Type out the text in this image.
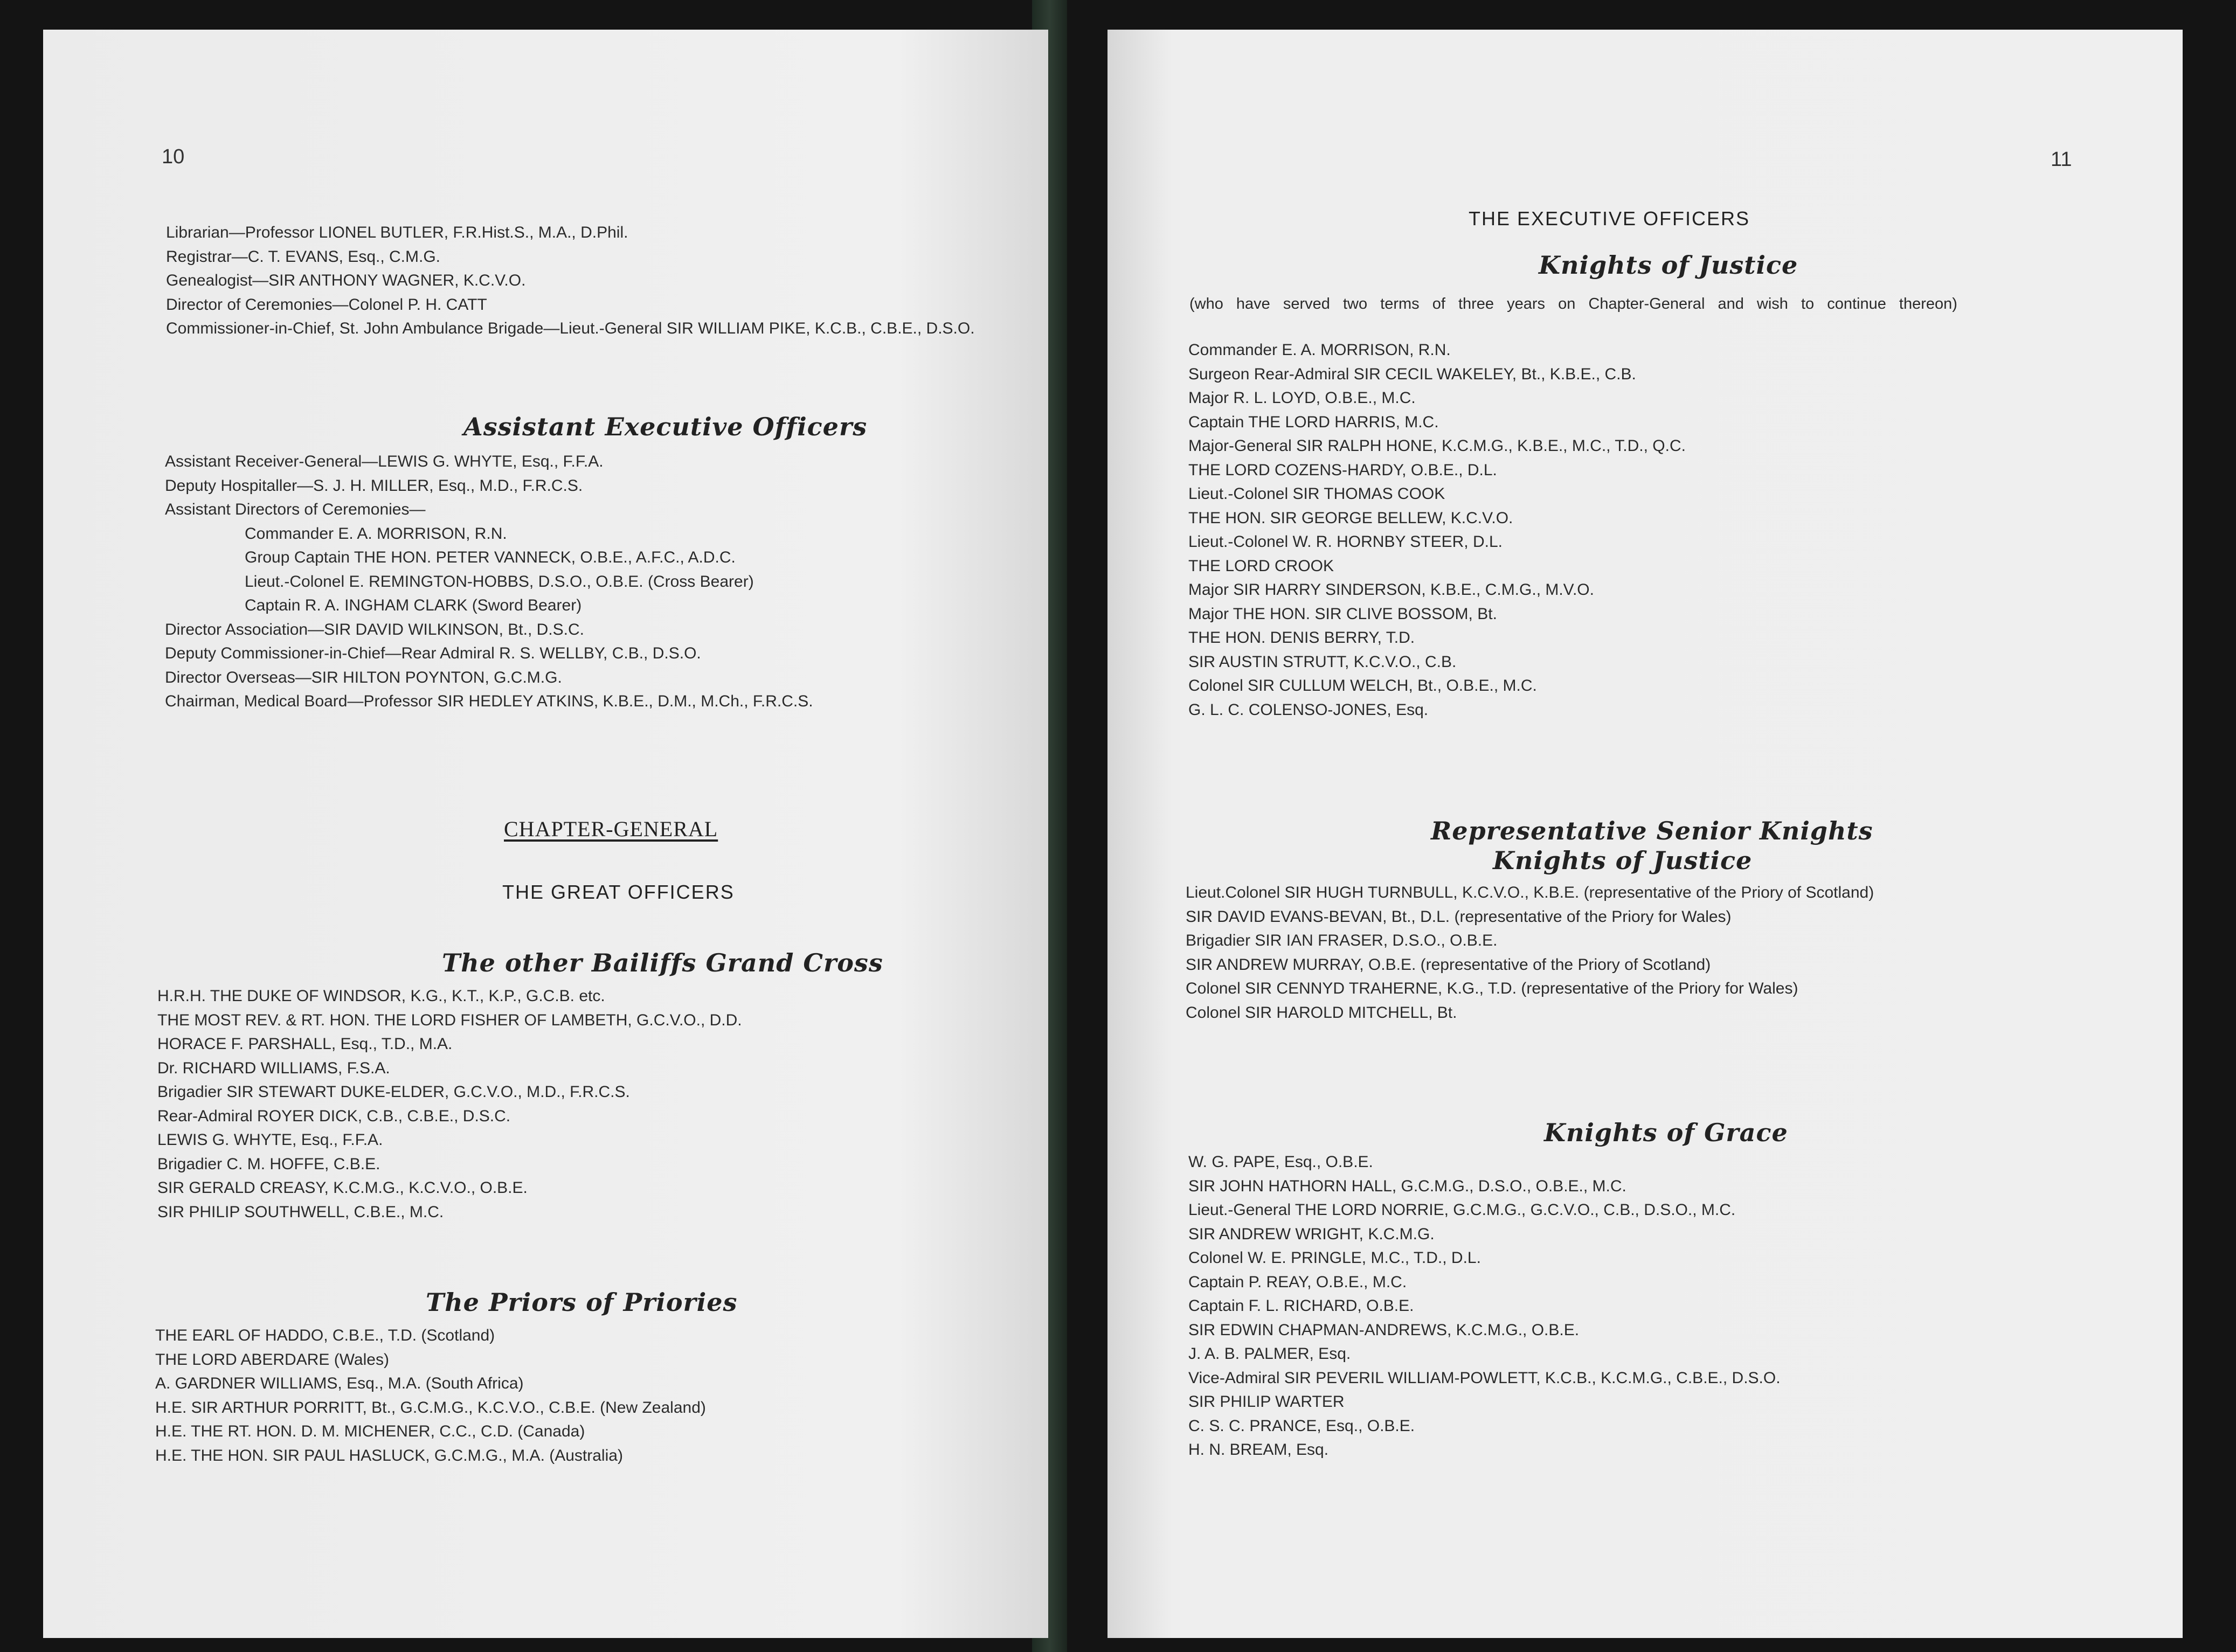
10
Librarian—Professor LIONEL BUTLER, F.R.Hist.S., M.A., D.Phil.
Registrar—C. T. EVANS, Esq., C.M.G.
Genealogist—SIR ANTHONY WAGNER, K.C.V.O.
Director of Ceremonies—Colonel P. H. CATT
Commissioner-in-Chief, St. John Ambulance Brigade—Lieut.-General SIR WILLIAM PIKE, K.C.B., C.B.E., D.S.O.
Assistant Executive Officers
Assistant Receiver-General—LEWIS G. WHYTE, Esq., F.F.A.
Deputy Hospitaller—S. J. H. MILLER, Esq., M.D., F.R.C.S.
Assistant Directors of Ceremonies—
Commander E. A. MORRISON, R.N.
Group Captain THE HON. PETER VANNECK, O.B.E., A.F.C., A.D.C.
Lieut.-Colonel E. REMINGTON-HOBBS, D.S.O., O.B.E. (Cross Bearer)
Captain R. A. INGHAM CLARK (Sword Bearer)
Director Association—SIR DAVID WILKINSON, Bt., D.S.C.
Deputy Commissioner-in-Chief—Rear Admiral R. S. WELLBY, C.B., D.S.O.
Director Overseas—SIR HILTON POYNTON, G.C.M.G.
Chairman, Medical Board—Professor SIR HEDLEY ATKINS, K.B.E., D.M., M.Ch., F.R.C.S.
CHAPTER-GENERAL
THE GREAT OFFICERS
The other Bailiffs Grand Cross
H.R.H. THE DUKE OF WINDSOR, K.G., K.T., K.P., G.C.B. etc.
THE MOST REV. & RT. HON. THE LORD FISHER OF LAMBETH, G.C.V.O., D.D.
HORACE F. PARSHALL, Esq., T.D., M.A.
Dr. RICHARD WILLIAMS, F.S.A.
Brigadier SIR STEWART DUKE-ELDER, G.C.V.O., M.D., F.R.C.S.
Rear-Admiral ROYER DICK, C.B., C.B.E., D.S.C.
LEWIS G. WHYTE, Esq., F.F.A.
Brigadier C. M. HOFFE, C.B.E.
SIR GERALD CREASY, K.C.M.G., K.C.V.O., O.B.E.
SIR PHILIP SOUTHWELL, C.B.E., M.C.
The Priors of Priories
THE EARL OF HADDO, C.B.E., T.D. (Scotland)
THE LORD ABERDARE (Wales)
A. GARDNER WILLIAMS, Esq., M.A. (South Africa)
H.E. SIR ARTHUR PORRITT, Bt., G.C.M.G., K.C.V.O., C.B.E. (New Zealand)
H.E. THE RT. HON. D. M. MICHENER, C.C., C.D. (Canada)
H.E. THE HON. SIR PAUL HASLUCK, G.C.M.G., M.A. (Australia)
11
THE EXECUTIVE OFFICERS
Knights of Justice
(who have served two terms of three years on Chapter-General and wish to continue thereon)
Commander E. A. MORRISON, R.N.
Surgeon Rear-Admiral SIR CECIL WAKELEY, Bt., K.B.E., C.B.
Major R. L. LOYD, O.B.E., M.C.
Captain THE LORD HARRIS, M.C.
Major-General SIR RALPH HONE, K.C.M.G., K.B.E., M.C., T.D., Q.C.
THE LORD COZENS-HARDY, O.B.E., D.L.
Lieut.-Colonel SIR THOMAS COOK
THE HON. SIR GEORGE BELLEW, K.C.V.O.
Lieut.-Colonel W. R. HORNBY STEER, D.L.
THE LORD CROOK
Major SIR HARRY SINDERSON, K.B.E., C.M.G., M.V.O.
Major THE HON. SIR CLIVE BOSSOM, Bt.
THE HON. DENIS BERRY, T.D.
SIR AUSTIN STRUTT, K.C.V.O., C.B.
Colonel SIR CULLUM WELCH, Bt., O.B.E., M.C.
G. L. C. COLENSO-JONES, Esq.
Representative Senior Knights
Knights of Justice
Lieut.Colonel SIR HUGH TURNBULL, K.C.V.O., K.B.E. (representative of the Priory of Scotland)
SIR DAVID EVANS-BEVAN, Bt., D.L. (representative of the Priory for Wales)
Brigadier SIR IAN FRASER, D.S.O., O.B.E.
SIR ANDREW MURRAY, O.B.E. (representative of the Priory of Scotland)
Colonel SIR CENNYD TRAHERNE, K.G., T.D. (representative of the Priory for Wales)
Colonel SIR HAROLD MITCHELL, Bt.
Knights of Grace
W. G. PAPE, Esq., O.B.E.
SIR JOHN HATHORN HALL, G.C.M.G., D.S.O., O.B.E., M.C.
Lieut.-General THE LORD NORRIE, G.C.M.G., G.C.V.O., C.B., D.S.O., M.C.
SIR ANDREW WRIGHT, K.C.M.G.
Colonel W. E. PRINGLE, M.C., T.D., D.L.
Captain P. REAY, O.B.E., M.C.
Captain F. L. RICHARD, O.B.E.
SIR EDWIN CHAPMAN-ANDREWS, K.C.M.G., O.B.E.
J. A. B. PALMER, Esq.
Vice-Admiral SIR PEVERIL WILLIAM-POWLETT, K.C.B., K.C.M.G., C.B.E., D.S.O.
SIR PHILIP WARTER
C. S. C. PRANCE, Esq., O.B.E.
H. N. BREAM, Esq.
